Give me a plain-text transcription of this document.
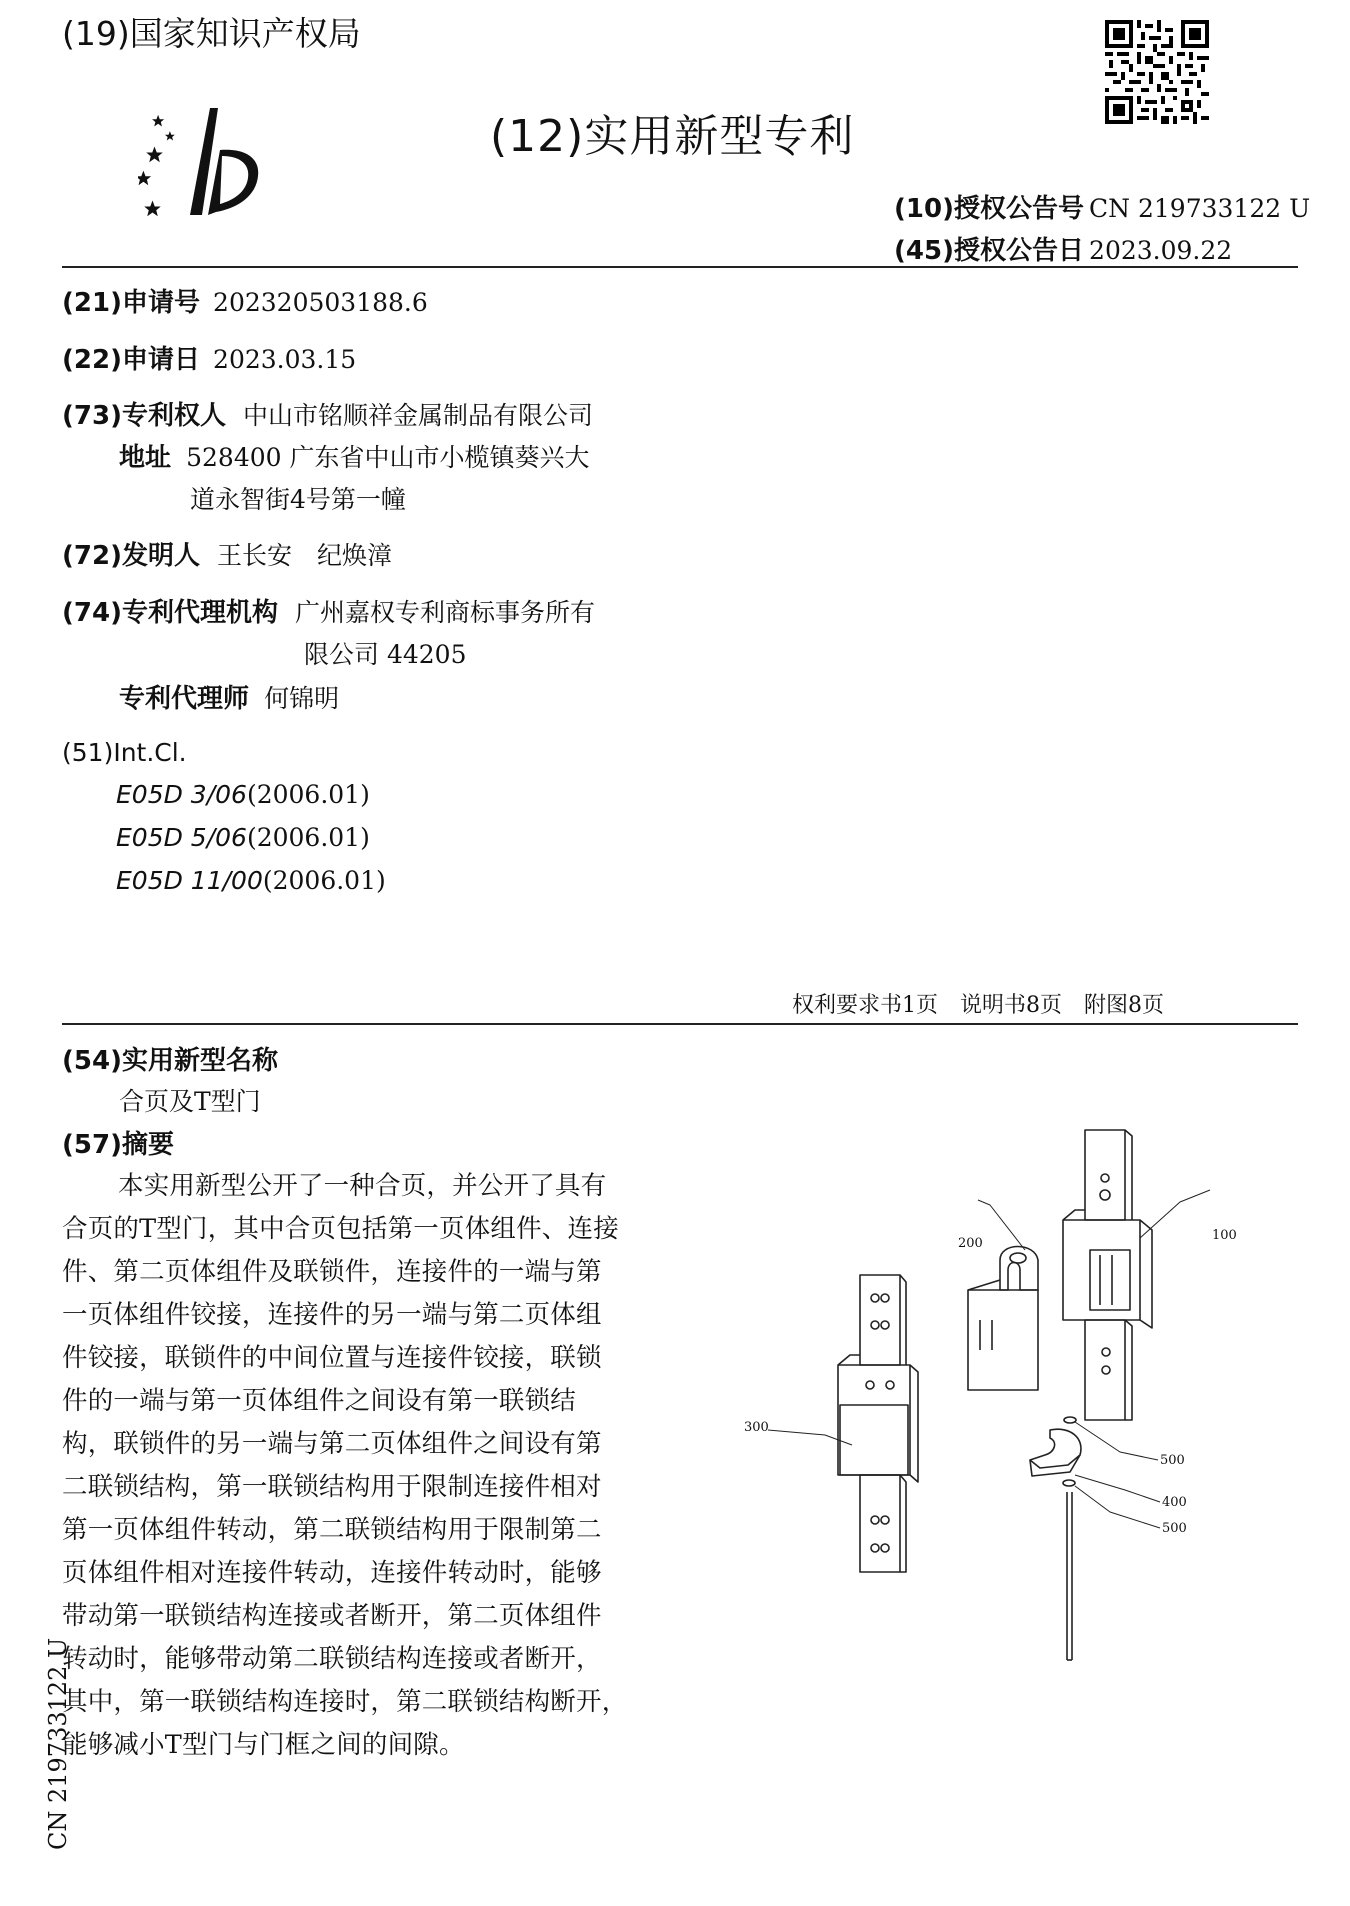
(19)国家知识产权局
(12)实用新型专利
(10)授权公告号 CN 219733122 U
(45)授权公告日 2023.09.22
(21)申请号 202320503188.6
(22)申请日 2023.03.15
(73)专利权人 中山市铭顺祥金属制品有限公司
地址 528400 广东省中山市小榄镇葵兴大
道永智街4号第一幢
(72)发明人 王长安　纪焕漳
(74)专利代理机构 广州嘉权专利商标事务所有
限公司 44205
专利代理师 何锦明
(51)Int.Cl.
E05D 3/06(2006.01)
E05D 5/06(2006.01)
E05D 11/00(2006.01)
权利要求书1页　说明书8页　附图8页
(54)实用新型名称
合页及T型门
(57)摘要
本实用新型公开了一种合页，并公开了具有
合页的T型门，其中合页包括第一页体组件、连接
件、第二页体组件及联锁件，连接件的一端与第
一页体组件铰接，连接件的另一端与第二页体组
件铰接，联锁件的中间位置与连接件铰接，联锁
件的一端与第一页体组件之间设有第一联锁结
构，联锁件的另一端与第二页体组件之间设有第
二联锁结构，第一联锁结构用于限制连接件相对
第一页体组件转动，第二联锁结构用于限制第二
页体组件相对连接件转动，连接件转动时，能够
带动第一联锁结构连接或者断开，第二页体组件
转动时，能够带动第二联锁结构连接或者断开，
其中，第一联锁结构连接时，第二联锁结构断开，
能够减小T型门与门框之间的间隙。
300
200
100
500
400
500
CN 219733122 U
